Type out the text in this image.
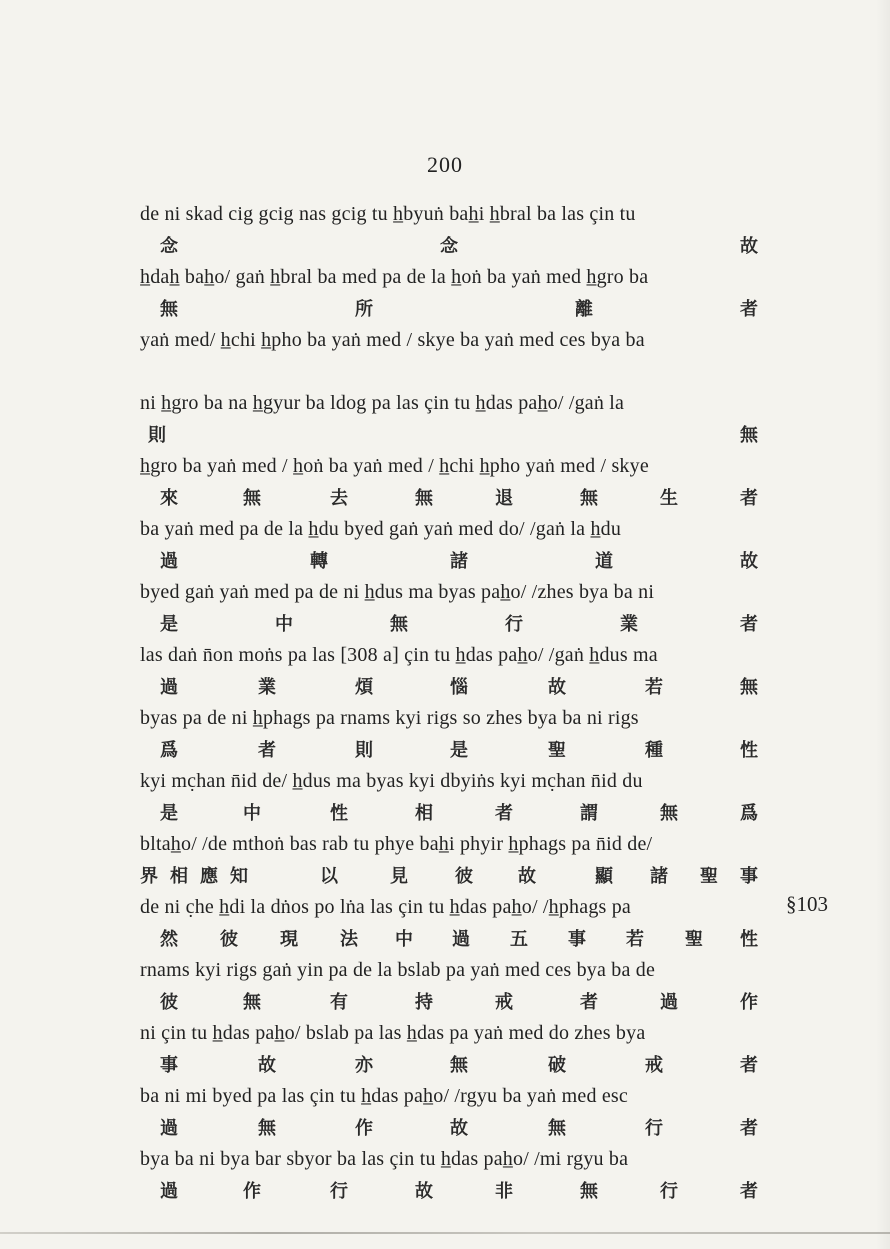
200
de ni skad cig gcig nas gcig tu h̲byuṅ bah̲i h̲bral ba las çin tu
念	念	故
h̲dah̲ bah̲o/ gaṅ h̲bral ba med pa de la h̲oṅ ba yaṅ med h̲gro ba
無	所	離	者
yaṅ med/ h̲chi h̲pho ba yaṅ med / skye ba yaṅ med ces bya ba
ni h̲gro ba na h̲gyur ba ldog pa las çin tu h̲das pah̲o/ /gaṅ la
則	無
h̲gro ba yaṅ med / h̲oṅ ba yaṅ med / h̲chi h̲pho yaṅ med / skye
來	無	去	無	退	無	生	者
ba yaṅ med pa de la h̲du byed gaṅ yaṅ med do/ /gaṅ la h̲du
過	轉	諸	道	故
byed gaṅ yaṅ med pa de ni h̲dus ma byas pah̲o/ /zhes bya ba ni
是	中	無	行	業	者
las daṅ n̄on moṅs pa las [308 a] çin tu h̲das pah̲o/ /gaṅ h̲dus ma
過	業	煩	惱	故	若	無
byas pa de ni h̲phags pa rnams kyi rigs so zhes bya ba ni rigs
爲	者	則	是	聖	種	性
kyi mc̣han n̄id de/ h̲dus ma byas kyi dbyiṅs kyi mc̣han n̄id du
是	中	性	相	者	謂	無	爲
bltah̲o/ /de mthoṅ bas rab tu phye bah̲i phyir h̲phags pa n̄id de/
界 相 應 知	以	見	彼	故	顯 諸 聖 事
de ni c̣he h̲di la dṅos po lṅa las çin tu h̲das pah̲o/ /h̲phags pa
然 彼 現 法 中 過 五 事 若 聖 性
rnams kyi rigs gaṅ yin pa de la bslab pa yaṅ med ces bya ba de
彼	無	有	持	戒	者	過	作
ni çin tu h̲das pah̲o/ bslab pa las h̲das pa yaṅ med do zhes bya
事	故	亦	無	破	戒	者
ba ni mi byed pa las çin tu h̲das pah̲o/ /rgyu ba yaṅ med esc
過	無	作	故	無	行	者
bya ba ni bya bar sbyor ba las çin tu h̲das pah̲o/ /mi rgyu ba
過	作	行	故	非	無	行	者
§103
